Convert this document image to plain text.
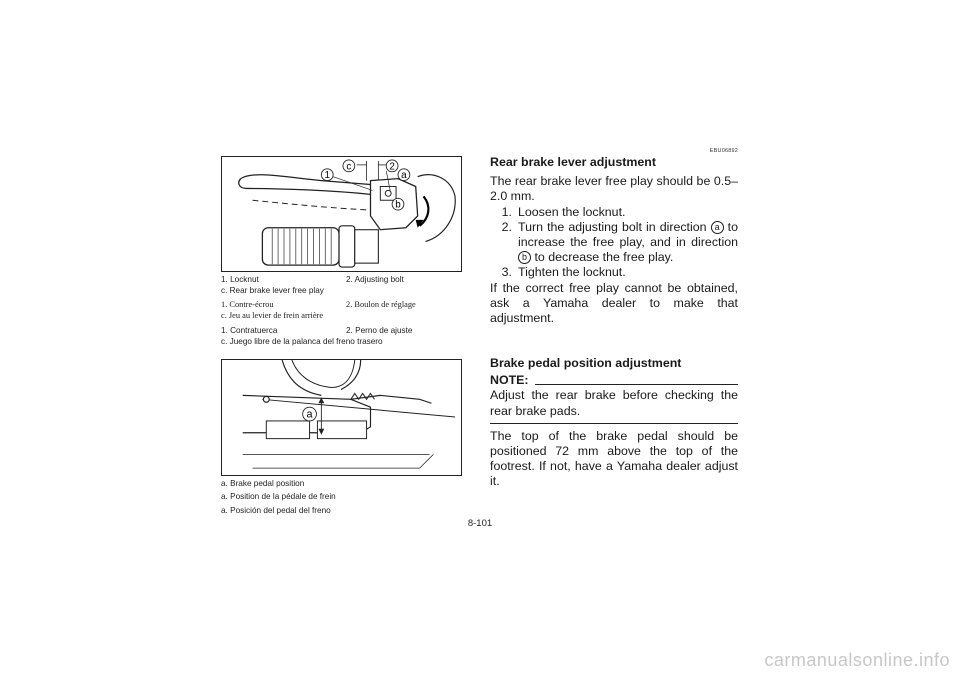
1
c	2
a
b
1. Locknut	2. Adjusting bolt
c. Rear brake lever free play
1. Contre-écrou	2. Boulon de réglage
c. Jeu au levier de frein arrière
1. Contratuerca	2. Perno de ajuste
c. Juego libre de la palanca del freno trasero
a
a. Brake pedal position
a. Position de la pédale de frein
a. Posición del pedal del freno
EBU06892

Rear brake lever adjustment

The rear brake lever free play should be 0.5–2.0 mm.

1. Loosen the locknut.
2. Turn the adjusting bolt in direction a to increase the free play, and in direction b to decrease the free play.
3. Tighten the locknut.

If the correct free play cannot be obtained, ask a Yamaha dealer to make that adjustment.

Brake pedal position adjustment

NOTE:

Adjust the rear brake before checking the rear brake pads.

The top of the brake pedal should be positioned 72 mm above the top of the footrest. If not, have a Yamaha dealer adjust it.

8-101
carmanualsonline.info
